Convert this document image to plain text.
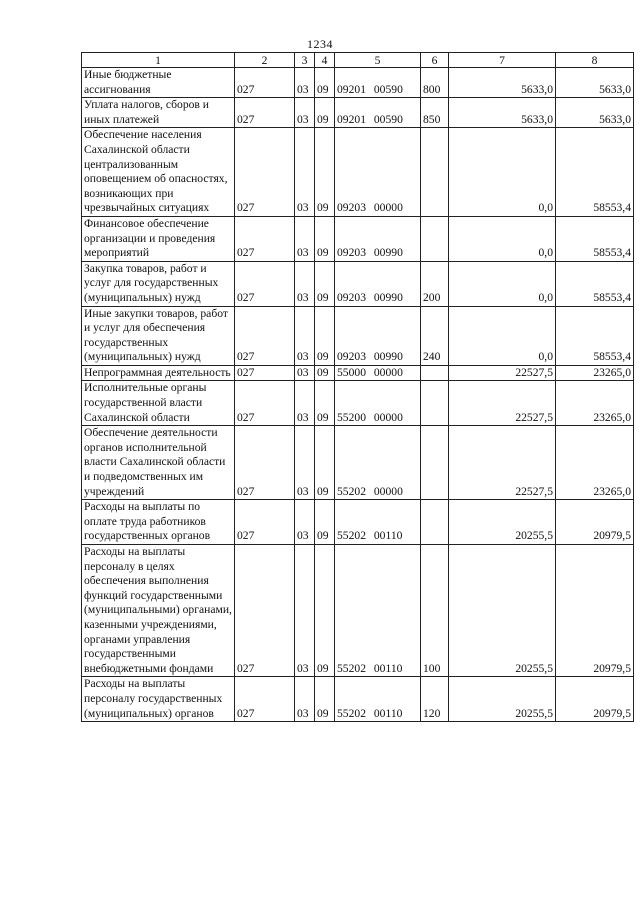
1234
1	2	3	4	5	6	7	8
Иные бюджетные ассигнования	027	03	09	09201 00590	800	5633,0	5633,0
Уплата налогов, сборов и иных платежей	027	03	09	09201 00590	850	5633,0	5633,0
Обеспечение населения Сахалинской области централизованным оповещением об опасностях, возникающих при чрезвычайных ситуациях	027	03	09	09203 00000		0,0	58553,4
Финансовое обеспечение организации и проведения мероприятий	027	03	09	09203 00990		0,0	58553,4
Закупка товаров, работ и услуг для государственных (муниципальных) нужд	027	03	09	09203 00990	200	0,0	58553,4
Иные закупки товаров, работ и услуг для обеспечения государственных (муниципальных) нужд	027	03	09	09203 00990	240	0,0	58553,4
Непрограммная деятельность	027	03	09	55000 00000		22527,5	23265,0
Исполнительные органы государственной власти Сахалинской области	027	03	09	55200 00000		22527,5	23265,0
Обеспечение деятельности органов исполнительной власти Сахалинской области и подведомственных им учреждений	027	03	09	55202 00000		22527,5	23265,0
Расходы на выплаты по оплате труда работников государственных органов	027	03	09	55202 00110		20255,5	20979,5
Расходы на выплаты персоналу в целях обеспечения выполнения функций государственными (муниципальными) органами, казенными учреждениями, органами управления государственными внебюджетными фондами	027	03	09	55202 00110	100	20255,5	20979,5
Расходы на выплаты персоналу государственных (муниципальных) органов	027	03	09	55202 00110	120	20255,5	20979,5
